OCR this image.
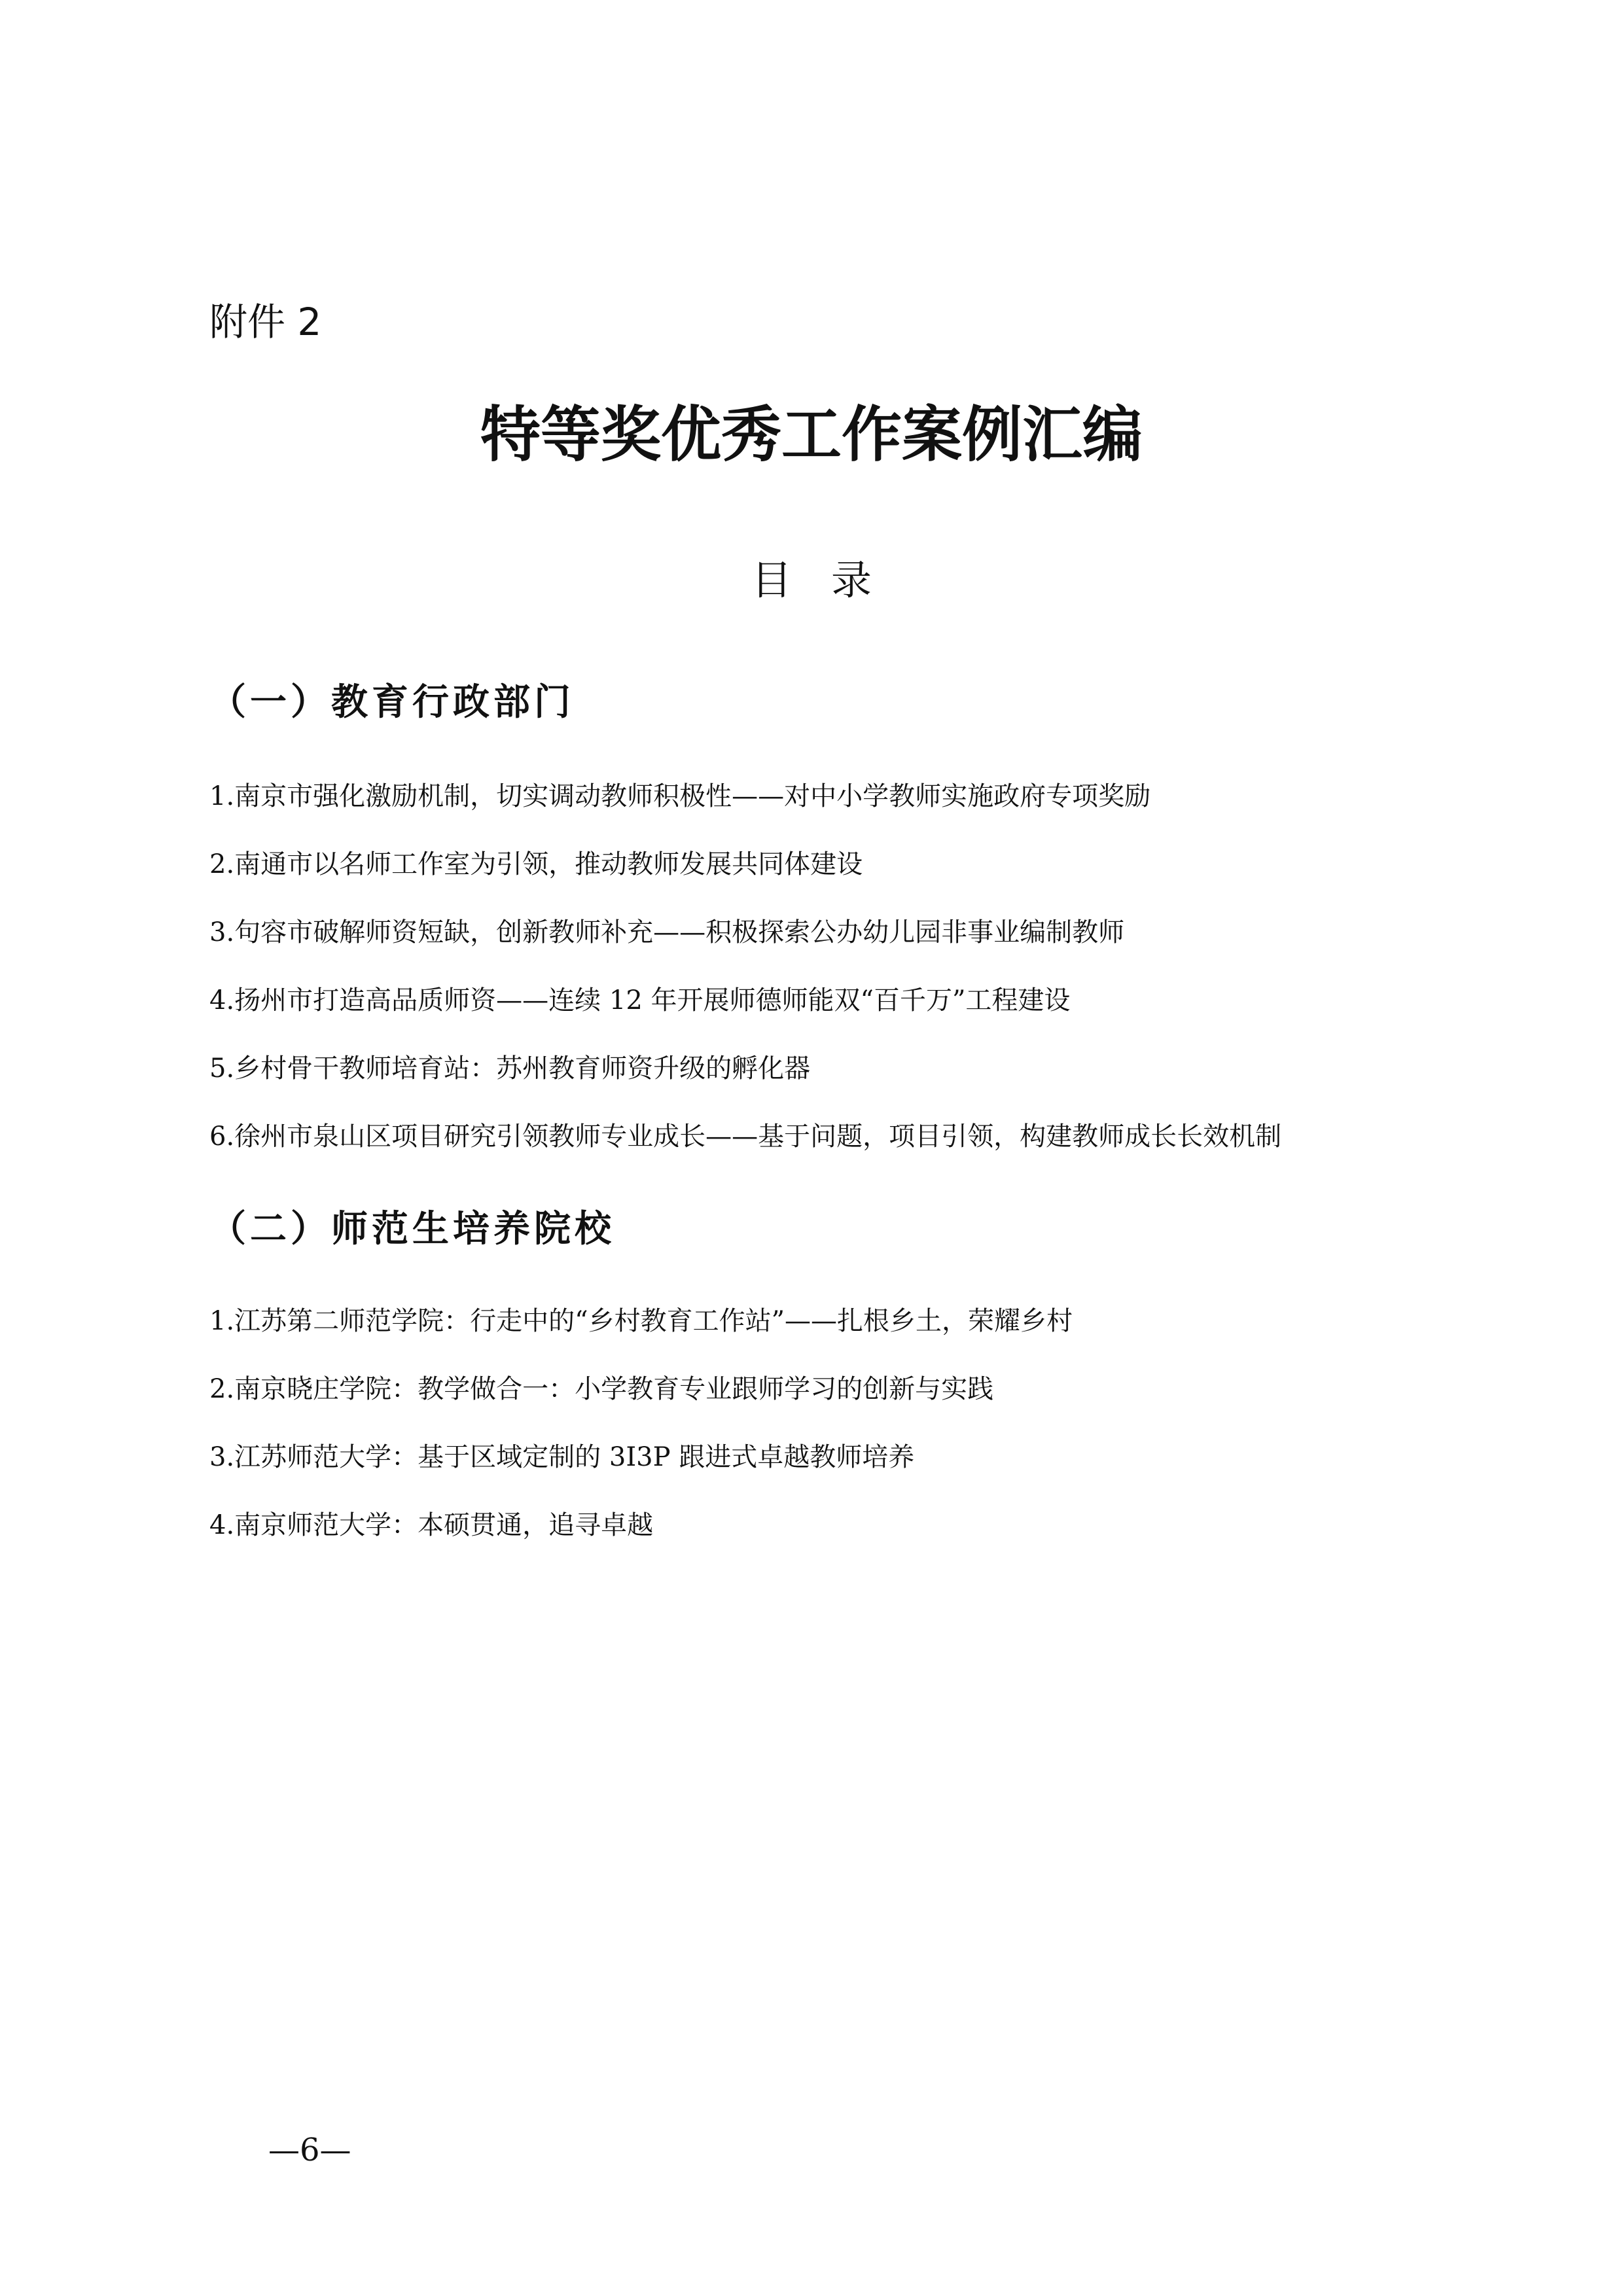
附件 2
特等奖优秀工作案例汇编
目录
（一）教育行政部门
1.南京市强化激励机制，切实调动教师积极性——对中小学教师实施政府专项奖励
2.南通市以名师工作室为引领，推动教师发展共同体建设
3.句容市破解师资短缺，创新教师补充——积极探索公办幼儿园非事业编制教师
4.扬州市打造高品质师资——连续 12 年开展师德师能双“百千万”工程建设
5.乡村骨干教师培育站：苏州教育师资升级的孵化器
6.徐州市泉山区项目研究引领教师专业成长——基于问题，项目引领，构建教师成长长效机制
（二）师范生培养院校
1.江苏第二师范学院：行走中的“乡村教育工作站”——扎根乡土，荣耀乡村
2.南京晓庄学院：教学做合一：小学教育专业跟师学习的创新与实践
3.江苏师范大学：基于区域定制的 3I3P 跟进式卓越教师培养
4.南京师范大学：本硕贯通，追寻卓越
—6—
